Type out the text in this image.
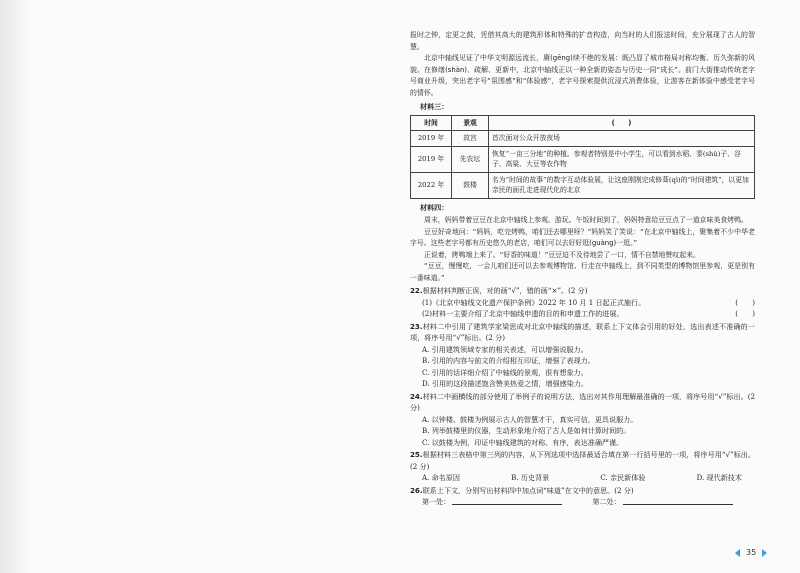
报时之钟，定更之鼓，凭借其高大的建筑形体和特殊的扩音构造，向当时的人们报送时间，充分展现了古人的智慧。

北京中轴线见证了中华文明源远流长，赓(gēng)续不绝的发展：既凸显了城市格局对称均衡、历久弥新的风貌。在修缮(shàn)、疏解、更新中，北京中轴线正以一种全新的姿态与历史一同“成长”。前门大街推动传统老字号商业升级，突出老字号“氛围感”和“体验感”，老字号探索提供沉浸式消费体验，让游客在新体验中感受老字号的情怀。

材料三：
时间	景观	(　　)
2019 年	故宫	首次面对公众开放夜场
2019 年	先农坛	恢复“一亩三分地”的种植。参观者特别是中小学生，可以看到水稻、黍(shǔ)子、谷子、高粱、大豆等农作物
2022 年	鼓楼	名为“时间的故事”的数字互动体验展，让这座刚刚完成修葺(qì)的“时间建筑”，以更加亲民的面孔走进现代化的北京
材料四：

周末，妈妈带着豆豆在北京中轴线上参观、游玩。午饭时间到了，妈妈特意给豆豆点了一道京味美食烤鸭。

豆豆好奇地问：“妈妈，吃完烤鸭，咱们还去哪里呀？”妈妈笑了笑说：“在北京中轴线上，聚集着不少中华老字号。这些老字号都有历史悠久的老店，咱们可以去好好逛(guàng)一逛。”

正说着，烤鸭端上来了。“好香的味道！”豆豆迫不及待地尝了一口，情不自禁地赞叹起来。

“豆豆，慢慢吃，一会儿咱们还可以去参观博物馆、行走在中轴线上，到不同类型的博物馆里参观，更是别有一番味道。”

22.根据材料判断正误，对的画“√”，错的画“×”。(2 分)

(1)《北京中轴线文化遗产保护条例》2022 年 10 月 1 日起正式施行。	(　　)
(2)材料一主要介绍了北京中轴线申遗的目的和申遗工作的进展。	(　　)

23.材料二中引用了建筑学家梁思成对北京中轴线的描述，联系上下文体会引用的好处，选出表述不准确的一项，将序号用“√”标出。(2 分)

A. 引用建筑领域专家的相关表述，可以增强说服力。
B. 引用的内容与前文的介绍相互印证，增强了表现力。
C. 引用的话详细介绍了中轴线的景观，很有想象力。
D. 引用的这段描述饱含赞美热爱之情，增强感染力。

24.材料二中画横线的部分使用了举例子的说明方法，选出对其作用理解最准确的一项，将序号用“√”标出。(2 分)

A. 以钟楼、鼓楼为例展示古人的智慧才干，真实可信，更具说服力。
B. 列举鼓楼里的仪器，生动形象地介绍了古人是如何计算时间的。
C. 以鼓楼为例，印证中轴线建筑的对称、有序，表达准确严谨。

25.根据材料三表格中第三列的内容，从下列选项中选择最适合填在第一行括号里的一项，将序号用“√”标出。(2 分)

A. 命名原因	B. 历史背景	C. 亲民新体验	D. 现代新技术

26.联系上下文，分别写出材料四中加点词“味道”在文中的意思。(2 分)

第一处：	第二处：
35
